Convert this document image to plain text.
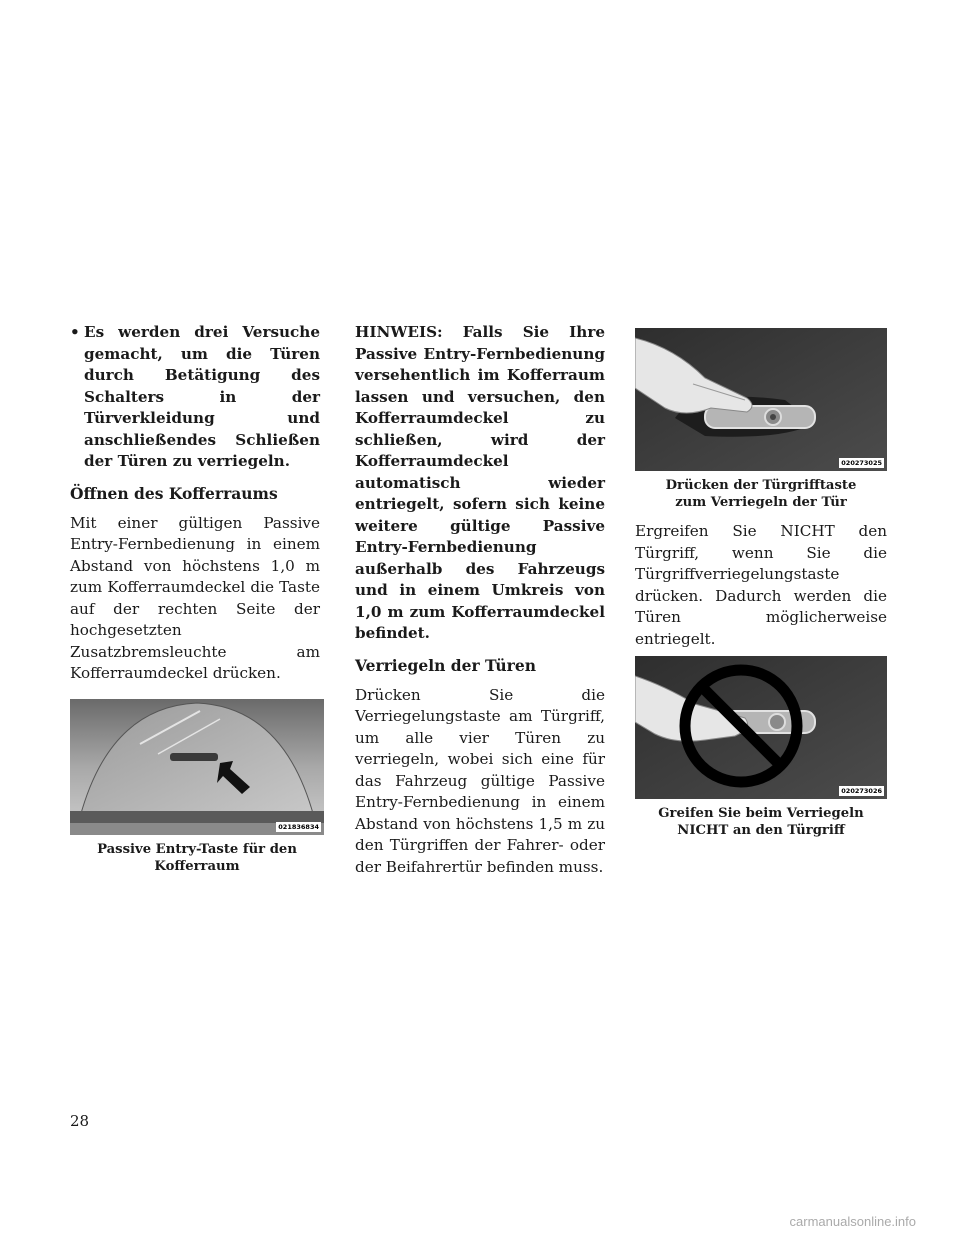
• Es werden drei Versuche gemacht, um die Türen durch Betätigung des Schalters in der Türverkleidung und anschließendes Schließen der Türen zu verriegeln.

Öffnen des Kofferraums

Mit einer gültigen Passive Entry-Fernbedienung in einem Abstand von höchstens 1,0 m zum Kofferraumdeckel die Taste auf der rechten Seite der hochgesetzten Zusatzbremsleuchte am Kofferraumdeckel drücken.

021836834

Passive Entry-Taste für den Kofferraum

HINWEIS: Falls Sie Ihre Passive Entry-Fernbedienung versehentlich im Kofferraum lassen und versuchen, den Kofferraumdeckel zu schließen, wird der Kofferraumdeckel automatisch wieder entriegelt, sofern sich keine weitere gültige Passive Entry-Fernbedienung außerhalb des Fahrzeugs und in einem Umkreis von 1,0 m zum Kofferraumdeckel befindet.

Verriegeln der Türen

Drücken Sie die Verriegelungstaste am Türgriff, um alle vier Türen zu verriegeln, wobei sich eine für das Fahrzeug gültige Passive Entry-Fernbedienung in einem Abstand von höchstens 1,5 m zu den Türgriffen der Fahrer- oder der Beifahrertür befinden muss.

020273025

Drücken der Türgrifftaste zum Verriegeln der Tür

Ergreifen Sie NICHT den Türgriff, wenn Sie die Türgriffverriegelungstaste drücken. Dadurch werden die Türen möglicherweise entriegelt.

020273026

Greifen Sie beim Verriegeln NICHT an den Türgriff

28
carmanualsonline.info
